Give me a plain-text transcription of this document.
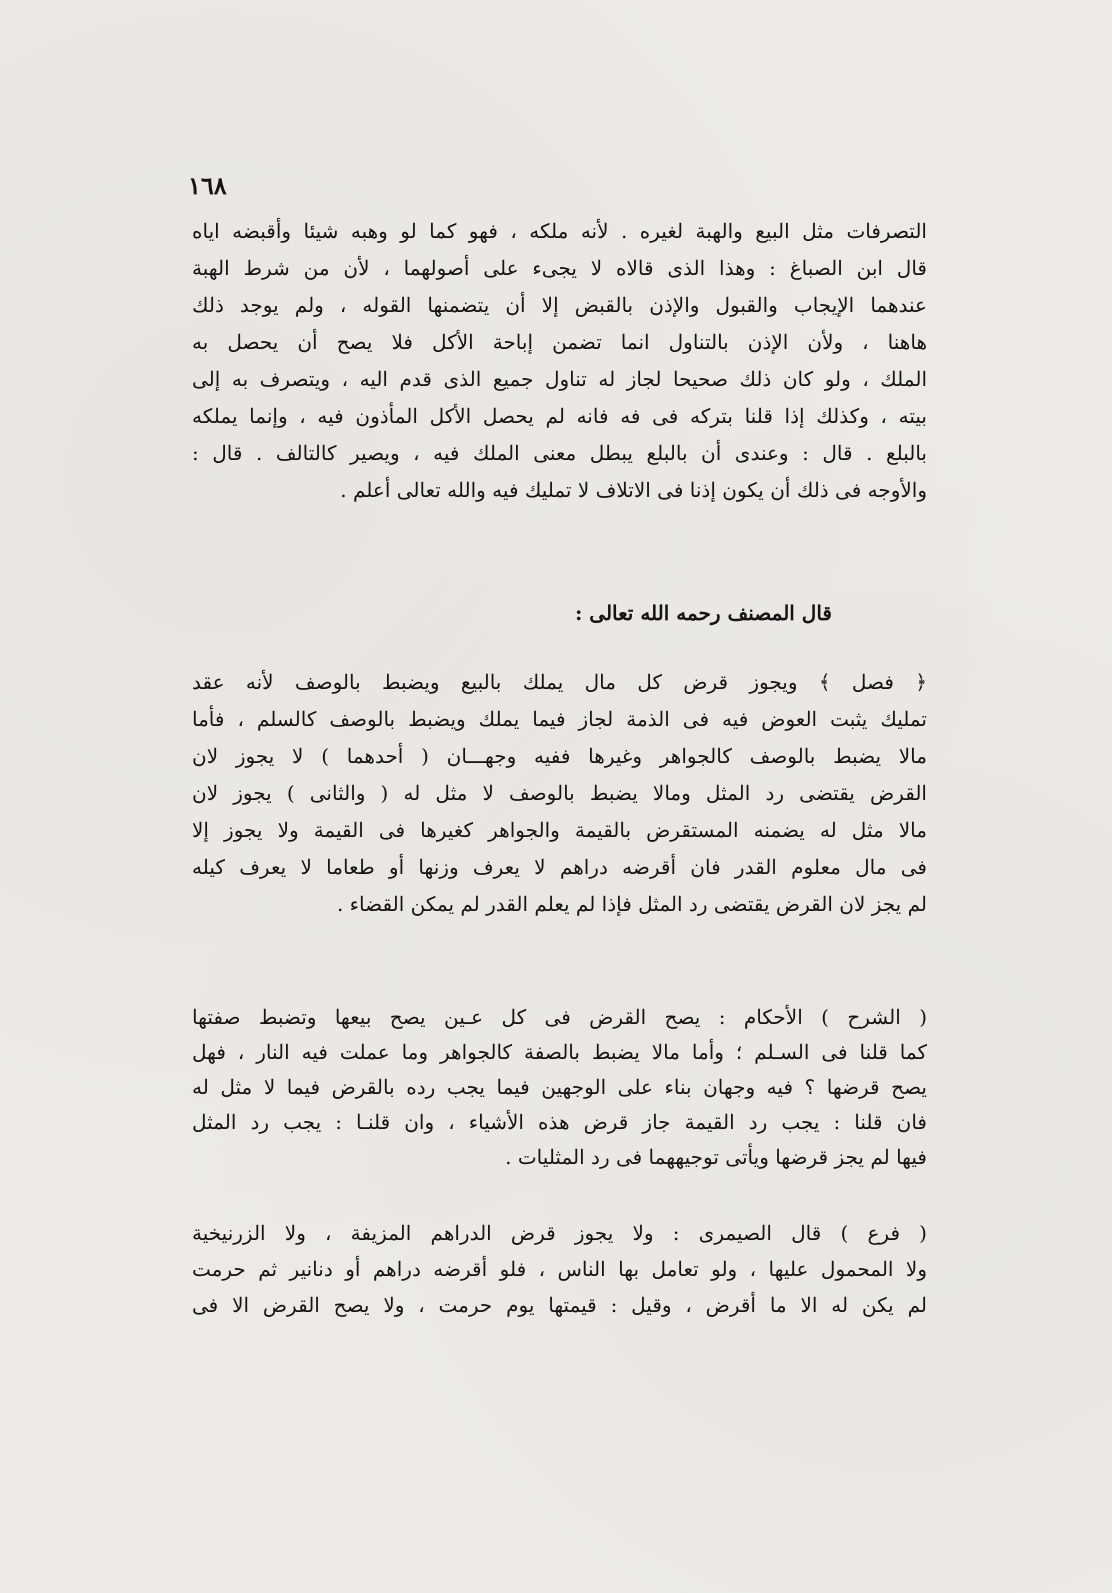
١٦٨
التصرفات مثل البيع والهبة لغيره . لأنه ملكه ، فهو كما لو وهبه شيئا وأقبضه اياه
قال ابن الصباغ : وهذا الذى قالاه لا يجىء على أصولهما ، لأن من شرط الهبة
عندهما الإيجاب والقبول والإذن بالقبض إلا أن يتضمنها القوله ، ولم يوجد ذلك
هاهنا ، ولأن الإذن بالتناول انما تضمن إباحة الأكل فلا يصح أن يحصل به
الملك ، ولو كان ذلك صحيحا لجاز له تناول جميع الذى قدم اليه ، ويتصرف به إلى
بيته ، وكذلك إذا قلنا بتركه فى فه فانه لم يحصل الأكل المأذون فيه ، وإنما يملكه
بالبلع . قال : وعندى أن بالبلع يبطل معنى الملك فيه ، ويصير كالتالف . قال :
والأوجه فى ذلك أن يكون إذنا فى الاتلاف لا تمليك فيه والله تعالى أعلم .
قال المصنف رحمه الله تعالى :
﴿ فصل ﴾ ويجوز قرض كل مال يملك بالبيع ويضبط بالوصف لأنه عقد
تمليك يثبت العوض فيه فى الذمة لجاز فيما يملك ويضبط بالوصف كالسلم ، فأما
مالا يضبط بالوصف كالجواهر وغيرها ففيه وجهـــان ( أحدهما ) لا يجوز لان
القرض يقتضى رد المثل ومالا يضبط بالوصف لا مثل له ( والثانى ) يجوز لان
مالا مثل له يضمنه المستقرض بالقيمة والجواهر كغيرها فى القيمة ولا يجوز إلا
فى مال معلوم القدر فان أقرضه دراهم لا يعرف وزنها أو طعاما لا يعرف كيله
لم يجز لان القرض يقتضى رد المثل فإذا لم يعلم القدر لم يمكن القضاء .
( الشرح ) الأحكام : يصح القرض فى كل عـين يصح بيعها وتضبط صفتها
كما قلنا فى السـلم ؛ وأما مالا يضبط بالصفة كالجواهر وما عملت فيه النار ، فهل
يصح قرضها ؟ فيه وجهان بناء على الوجهين فيما يجب رده بالقرض فيما لا مثل له
فان قلنا : يجب رد القيمة جاز قرض هذه الأشياء ، وان قلنـا : يجب رد المثل
فيها لم يجز قرضها ويأتى توجيههما فى رد المثليات .
( فرع ) قال الصيمرى : ولا يجوز قرض الدراهم المزيفة ، ولا الزرنيخية
ولا المحمول عليها ، ولو تعامل بها الناس ، فلو أقرضه دراهم أو دنانير ثم حرمت
لم يكن له الا ما أقرض ، وقيل : قيمتها يوم حرمت ، ولا يصح القرض الا فى
